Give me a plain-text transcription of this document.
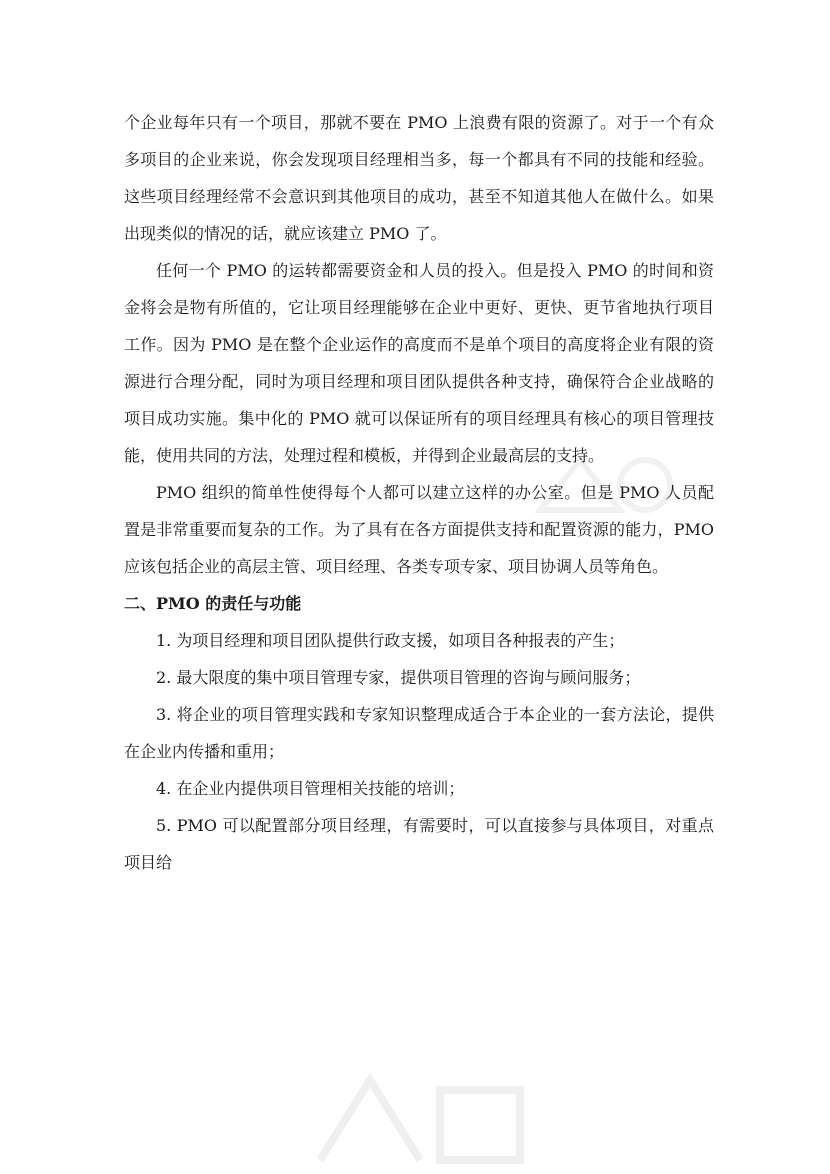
个企业每年只有一个项目，那就不要在 PMO 上浪费有限的资源了。对于一个有众多项目的企业来说，你会发现项目经理相当多，每一个都具有不同的技能和经验。这些项目经理经常不会意识到其他项目的成功，甚至不知道其他人在做什么。如果出现类似的情况的话，就应该建立 PMO 了。

任何一个 PMO 的运转都需要资金和人员的投入。但是投入 PMO 的时间和资金将会是物有所值的，它让项目经理能够在企业中更好、更快、更节省地执行项目工作。因为 PMO 是在整个企业运作的高度而不是单个项目的高度将企业有限的资源进行合理分配，同时为项目经理和项目团队提供各种支持，确保符合企业战略的项目成功实施。集中化的 PMO 就可以保证所有的项目经理具有核心的项目管理技能，使用共同的方法，处理过程和模板，并得到企业最高层的支持。

PMO 组织的简单性使得每个人都可以建立这样的办公室。但是 PMO 人员配置是非常重要而复杂的工作。为了具有在各方面提供支持和配置资源的能力，PMO 应该包括企业的高层主管、项目经理、各类专项专家、项目协调人员等角色。

二、PMO 的责任与功能

1. 为项目经理和项目团队提供行政支援，如项目各种报表的产生；

2. 最大限度的集中项目管理专家，提供项目管理的咨询与顾问服务；

3. 将企业的项目管理实践和专家知识整理成适合于本企业的一套方法论，提供在企业内传播和重用；

4. 在企业内提供项目管理相关技能的培训；

5. PMO 可以配置部分项目经理，有需要时，可以直接参与具体项目，对重点项目给
